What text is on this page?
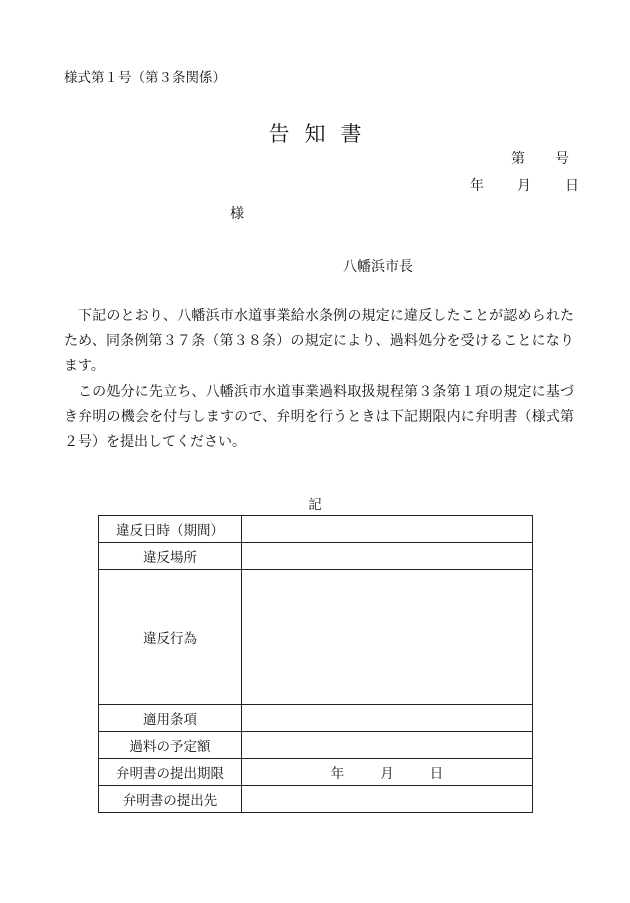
様式第１号（第３条関係）
告知書
第 号
年 月 日
様
八幡浜市長

下記のとおり、八幡浜市水道事業給水条例の規定に違反したことが認められたため、同条例第３７条（第３８条）の規定により、過料処分を受けることになります。

この処分に先立ち、八幡浜市水道事業過料取扱規程第３条第１項の規定に基づき弁明の機会を付与しますので、弁明を行うときは下記期限内に弁明書（様式第２号）を提出してください。

記
違反日時（期間）	
違反場所	
違反行為	
適用条項	
過料の予定額	
弁明書の提出期限	年 月 日
弁明書の提出先	
